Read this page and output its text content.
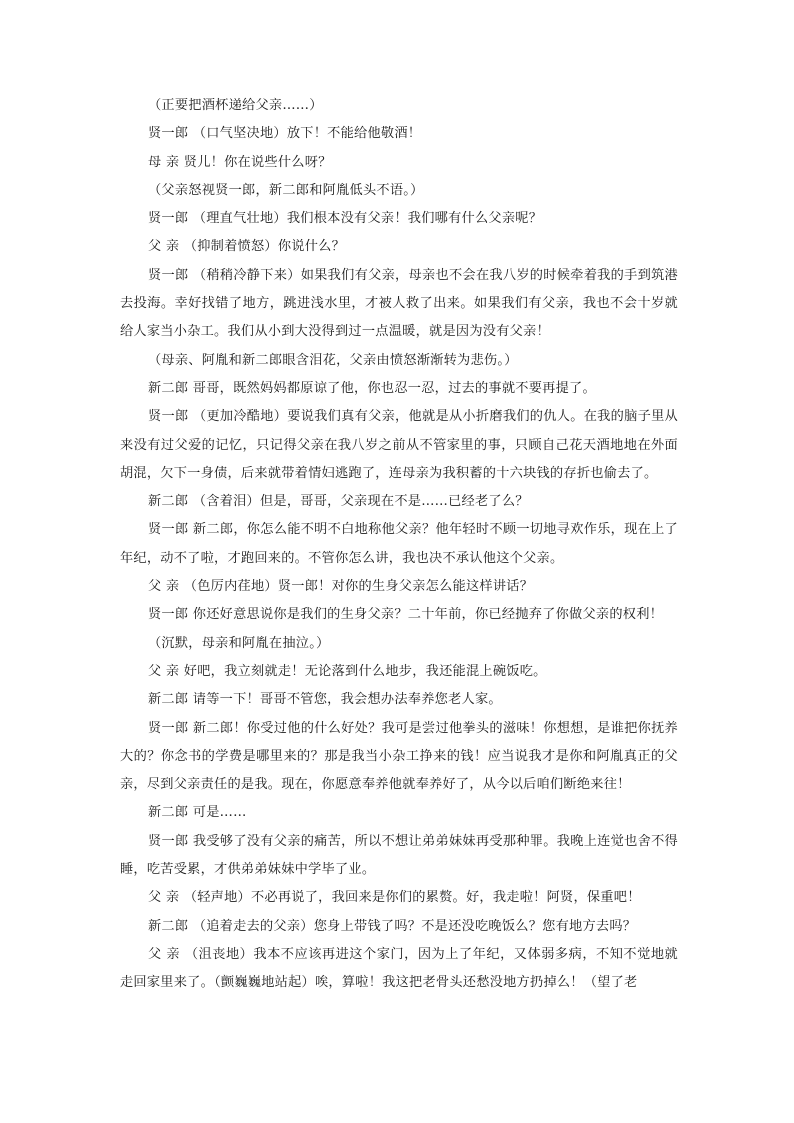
（正要把酒杯递给父亲……）

贤一郎 （口气坚决地）放下！不能给他敬酒！

母 亲 贤儿！你在说些什么呀？

（父亲怒视贤一郎，新二郎和阿胤低头不语。）

贤一郎 （理直气壮地）我们根本没有父亲！我们哪有什么父亲呢？

父 亲 （抑制着愤怒）你说什么？

贤一郎 （稍稍冷静下来）如果我们有父亲，母亲也不会在我八岁的时候牵着我的手到筑港去投海。幸好找错了地方，跳进浅水里，才被人救了出来。如果我们有父亲，我也不会十岁就给人家当小杂工。我们从小到大没得到过一点温暖，就是因为没有父亲！

（母亲、阿胤和新二郎眼含泪花，父亲由愤怒渐渐转为悲伤。）

新二郎 哥哥，既然妈妈都原谅了他，你也忍一忍，过去的事就不要再提了。

贤一郎 （更加冷酷地）要说我们真有父亲，他就是从小折磨我们的仇人。在我的脑子里从来没有过父爱的记忆，只记得父亲在我八岁之前从不管家里的事，只顾自己花天酒地地在外面胡混，欠下一身债，后来就带着情妇逃跑了，连母亲为我积蓄的十六块钱的存折也偷去了。

新二郎 （含着泪）但是，哥哥，父亲现在不是……已经老了么？

贤一郎 新二郎，你怎么能不明不白地称他父亲？他年轻时不顾一切地寻欢作乐，现在上了年纪，动不了啦，才跑回来的。不管你怎么讲，我也决不承认他这个父亲。

父 亲 （色厉内荏地）贤一郎！对你的生身父亲怎么能这样讲话？

贤一郎 你还好意思说你是我们的生身父亲？二十年前，你已经抛弃了你做父亲的权利！

（沉默，母亲和阿胤在抽泣。）

父 亲 好吧，我立刻就走！无论落到什么地步，我还能混上碗饭吃。

新二郎 请等一下！哥哥不管您，我会想办法奉养您老人家。

贤一郎 新二郎！你受过他的什么好处？我可是尝过他拳头的滋味！你想想，是谁把你抚养大的？你念书的学费是哪里来的？那是我当小杂工挣来的钱！应当说我才是你和阿胤真正的父亲，尽到父亲责任的是我。现在，你愿意奉养他就奉养好了，从今以后咱们断绝来往！

新二郎 可是……

贤一郎 我受够了没有父亲的痛苦，所以不想让弟弟妹妹再受那种罪。我晚上连觉也舍不得睡，吃苦受累，才供弟弟妹妹中学毕了业。

父 亲 （轻声地）不必再说了，我回来是你们的累赘。好，我走啦！阿贤，保重吧！

新二郎 （追着走去的父亲）您身上带钱了吗？不是还没吃晚饭么？您有地方去吗？

父 亲 （沮丧地）我本不应该再进这个家门，因为上了年纪，又体弱多病，不知不觉地就走回家里来了。（颤巍巍地站起）唉，算啦！我这把老骨头还愁没地方扔掉么！（望了老
